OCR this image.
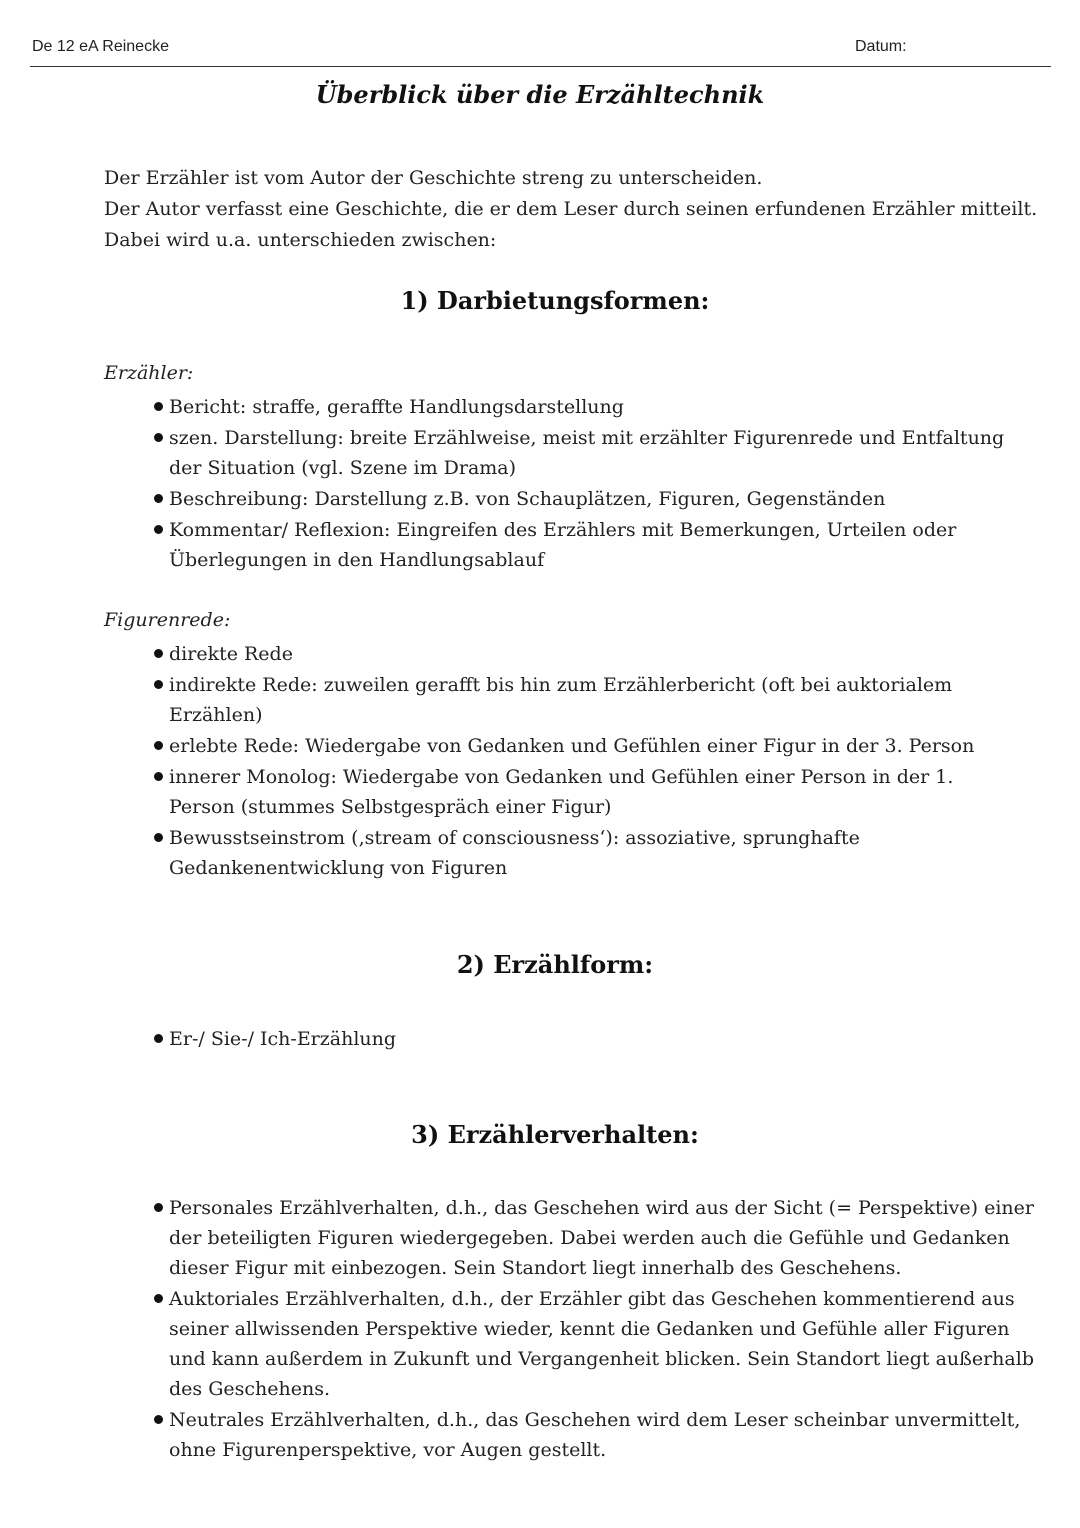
De 12 eA Reinecke	Datum:
Überblick über die Erzähltechnik
Der Erzähler ist vom Autor der Geschichte streng zu unterscheiden.
Der Autor verfasst eine Geschichte, die er dem Leser durch seinen erfundenen Erzähler mitteilt.
Dabei wird u.a. unterschieden zwischen:
1) Darbietungsformen:
Erzähler:
Bericht: straffe, geraffte Handlungsdarstellung
szen. Darstellung: breite Erzählweise, meist mit erzählter Figurenrede und Entfaltung
der Situation (vgl. Szene im Drama)
Beschreibung: Darstellung z.B. von Schauplätzen, Figuren, Gegenständen
Kommentar/ Reflexion: Eingreifen des Erzählers mit Bemerkungen, Urteilen oder
Überlegungen in den Handlungsablauf
Figurenrede:
direkte Rede
indirekte Rede: zuweilen gerafft bis hin zum Erzählerbericht (oft bei auktorialem
Erzählen)
erlebte Rede: Wiedergabe von Gedanken und Gefühlen einer Figur in der 3. Person
innerer Monolog: Wiedergabe von Gedanken und Gefühlen einer Person in der 1.
Person (stummes Selbstgespräch einer Figur)
Bewusstseinstrom (‚stream of consciousness‘): assoziative, sprunghafte
Gedankenentwicklung von Figuren
2) Erzählform:
Er-/ Sie-/ Ich-Erzählung
3) Erzählerverhalten:
Personales Erzählverhalten, d.h., das Geschehen wird aus der Sicht (= Perspektive) einer
der beteiligten Figuren wiedergegeben. Dabei werden auch die Gefühle und Gedanken
dieser Figur mit einbezogen. Sein Standort liegt innerhalb des Geschehens.
Auktoriales Erzählverhalten, d.h., der Erzähler gibt das Geschehen kommentierend aus
seiner allwissenden Perspektive wieder, kennt die Gedanken und Gefühle aller Figuren
und kann außerdem in Zukunft und Vergangenheit blicken. Sein Standort liegt außerhalb
des Geschehens.
Neutrales Erzählverhalten, d.h., das Geschehen wird dem Leser scheinbar unvermittelt,
ohne Figurenperspektive, vor Augen gestellt.
